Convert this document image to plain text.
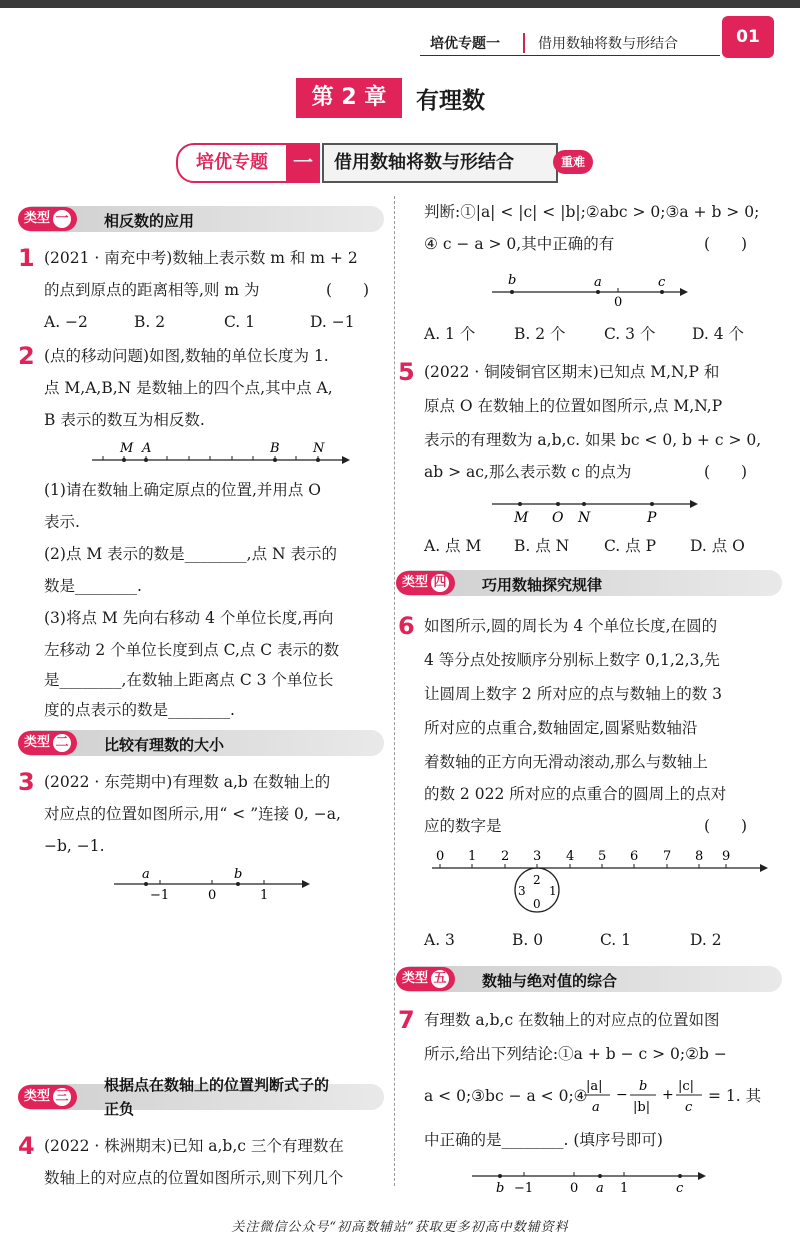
培优专题一	借用数轴将数与形结合	01
第 2 章	有理数
培优专题	一	借用数轴将数与形结合	重难
类型 一	相反数的应用
1 (2021 · 南充中考)数轴上表示数 m 和 m + 2
的点到原点的距离相等,则 m 为	(　　)
A. −2	B. 2	C. 1	D. −1
2 (点的移动问题)如图,数轴的单位长度为 1.
点 M,A,B,N 是数轴上的四个点,其中点 A,
B 表示的数互为相反数.
M A	B	N
(1)请在数轴上确定原点的位置,并用点 O
表示.
(2)点 M 表示的数是________,点 N 表示的
数是________.
(3)将点 M 先向右移动 4 个单位长度,再向
左移动 2 个单位长度到点 C,点 C 表示的数
是________,在数轴上距离点 C 3 个单位长
度的点表示的数是________.
类型 二	比较有理数的大小
3 (2022 · 东莞期中)有理数 a,b 在数轴上的
对应点的位置如图所示,用“ < ”连接 0, −a,
−b, −1.
a	b
−1	0	1
类型 三
根据点在数轴上的位置判断式子的
正负
4 (2022 · 株洲期末)已知 a,b,c 三个有理数在
数轴上的对应点的位置如图所示,则下列几个
判断:①|a| < |c| < |b|;②abc > 0;③a + b > 0;
④ c − a > 0,其中正确的有	(　　)
b	a	c
0
A. 1 个 B. 2 个 C. 3 个 D. 4 个
5 (2022 · 铜陵铜官区期末)已知点 M,N,P 和
原点 O 在数轴上的位置如图所示,点 M,N,P
表示的有理数为 a,b,c. 如果 bc < 0, b + c > 0,
ab > ac,那么表示数 c 的点为	(　　)
M O N	P
A. 点 M B. 点 N C. 点 P D. 点 O
类型 四	巧用数轴探究规律
6 如图所示,圆的周长为 4 个单位长度,在圆的
4 等分点处按顺序分别标上数字 0,1,2,3,先
让圆周上数字 2 所对应的点与数轴上的数 3
所对应的点重合,数轴固定,圆紧贴数轴沿
着数轴的正方向无滑动滚动,那么与数轴上
的数 2 022 所对应的点重合的圆周上的点对
应的数字是	(　　)
0 1 2 3 4 5 6 7 8 9
2
3 1
0
A. 3	B. 0	C. 1	D. 2
类型 五	数轴与绝对值的综合
7 有理数 a,b,c 在数轴上的对应点的位置如图
所示,给出下列结论:①a + b − c > 0;②b −
a < 0;③bc − a < 0;④
|a|
a
−
b
|b|
+
|c|
c
= 1. 其
中正确的是________. (填序号即可)
b −1	0 a 1	c
关注微信公众号“初高数辅站”获取更多初高中数辅资料
